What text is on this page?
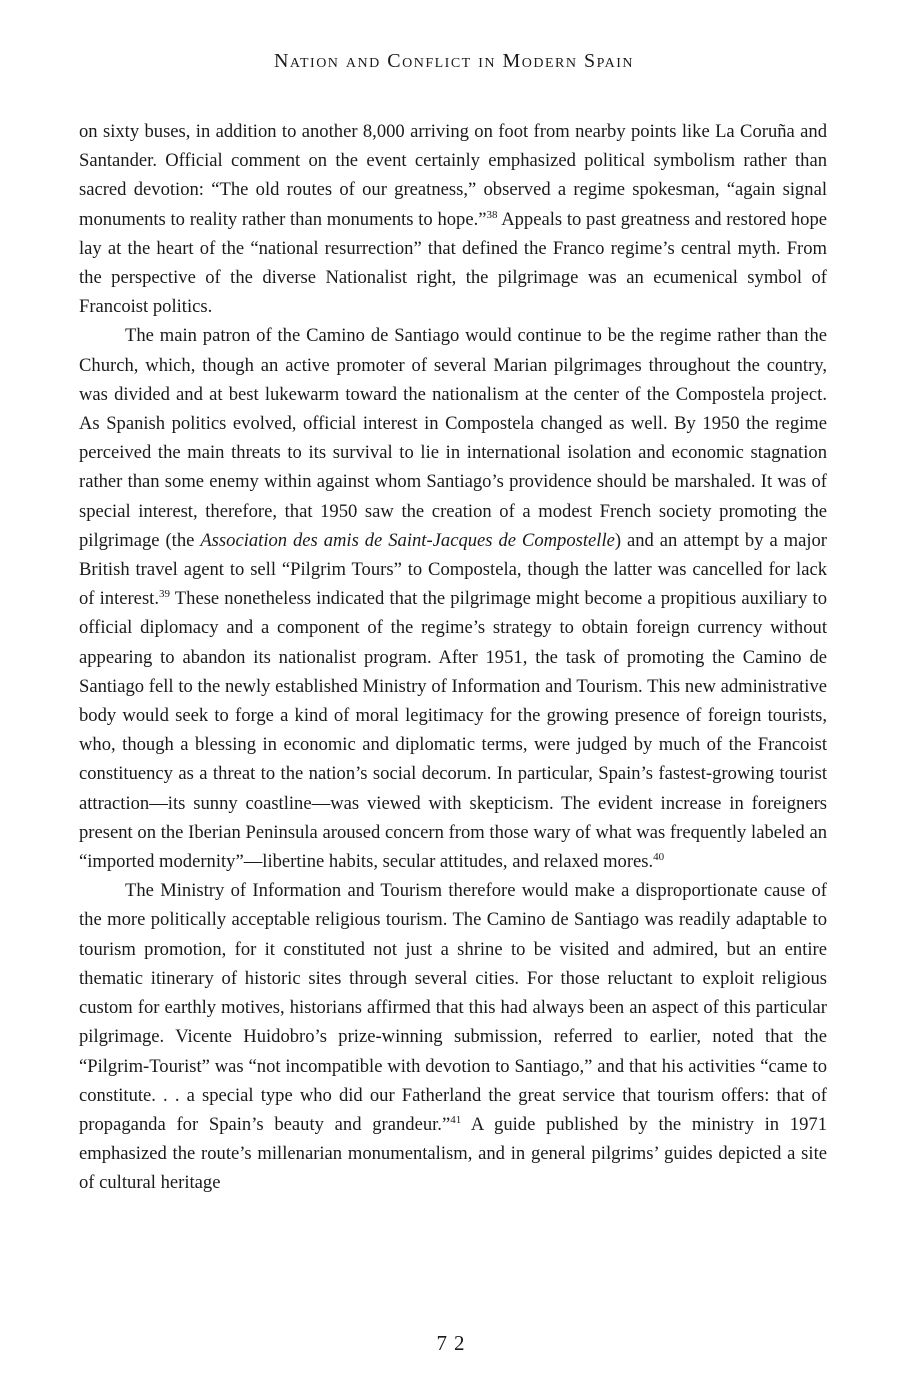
Nation and Conflict in Modern Spain

on sixty buses, in addition to another 8,000 arriving on foot from nearby points like La Coruña and Santander. Official comment on the event certainly emphasized political symbolism rather than sacred devotion: “The old routes of our greatness,” observed a regime spokesman, “again signal monuments to reality rather than monuments to hope.”$^{38}$ Appeals to past greatness and restored hope lay at the heart of the “national resurrection” that defined the Franco regime’s central myth. From the perspective of the diverse Nationalist right, the pilgrimage was an ecumenical symbol of Francoist politics.

The main patron of the Camino de Santiago would continue to be the regime rather than the Church, which, though an active promoter of several Marian pilgrimages throughout the country, was divided and at best lukewarm toward the nationalism at the center of the Compostela project. As Spanish politics evolved, official interest in Compostela changed as well. By 1950 the regime perceived the main threats to its survival to lie in international isolation and economic stagnation rather than some enemy within against whom Santiago’s providence should be marshaled. It was of special interest, therefore, that 1950 saw the creation of a modest French society promoting the pilgrimage (the Association des amis de Saint-Jacques de Compostelle) and an attempt by a major British travel agent to sell “Pilgrim Tours” to Compostela, though the latter was cancelled for lack of interest.$^{39}$ These nonetheless indicated that the pilgrimage might become a propitious auxiliary to official diplomacy and a component of the regime’s strategy to obtain foreign currency without appearing to abandon its nationalist program. After 1951, the task of promoting the Camino de Santiago fell to the newly established Ministry of Information and Tourism. This new administrative body would seek to forge a kind of moral legitimacy for the growing presence of foreign tourists, who, though a blessing in economic and diplomatic terms, were judged by much of the Francoist constituency as a threat to the nation’s social decorum. In particular, Spain’s fastest-growing tourist attraction—its sunny coastline—was viewed with skepticism. The evident increase in foreigners present on the Iberian Peninsula aroused concern from those wary of what was frequently labeled an “imported modernity”—libertine habits, secular attitudes, and relaxed mores.$^{40}$

The Ministry of Information and Tourism therefore would make a disproportionate cause of the more politically acceptable religious tourism. The Camino de Santiago was readily adaptable to tourism promotion, for it constituted not just a shrine to be visited and admired, but an entire thematic itinerary of historic sites through several cities. For those reluctant to exploit religious custom for earthly motives, historians affirmed that this had always been an aspect of this particular pilgrimage. Vicente Huidobro’s prize-winning submission, referred to earlier, noted that the “Pilgrim-Tourist” was “not incompatible with devotion to Santiago,” and that his activities “came to constitute. . . a special type who did our Fatherland the great service that tourism offers: that of propaganda for Spain’s beauty and grandeur.”$^{41}$ A guide published by the ministry in 1971 emphasized the route’s millenarian monumentalism, and in general pilgrims’ guides depicted a site of cultural heritage

72
